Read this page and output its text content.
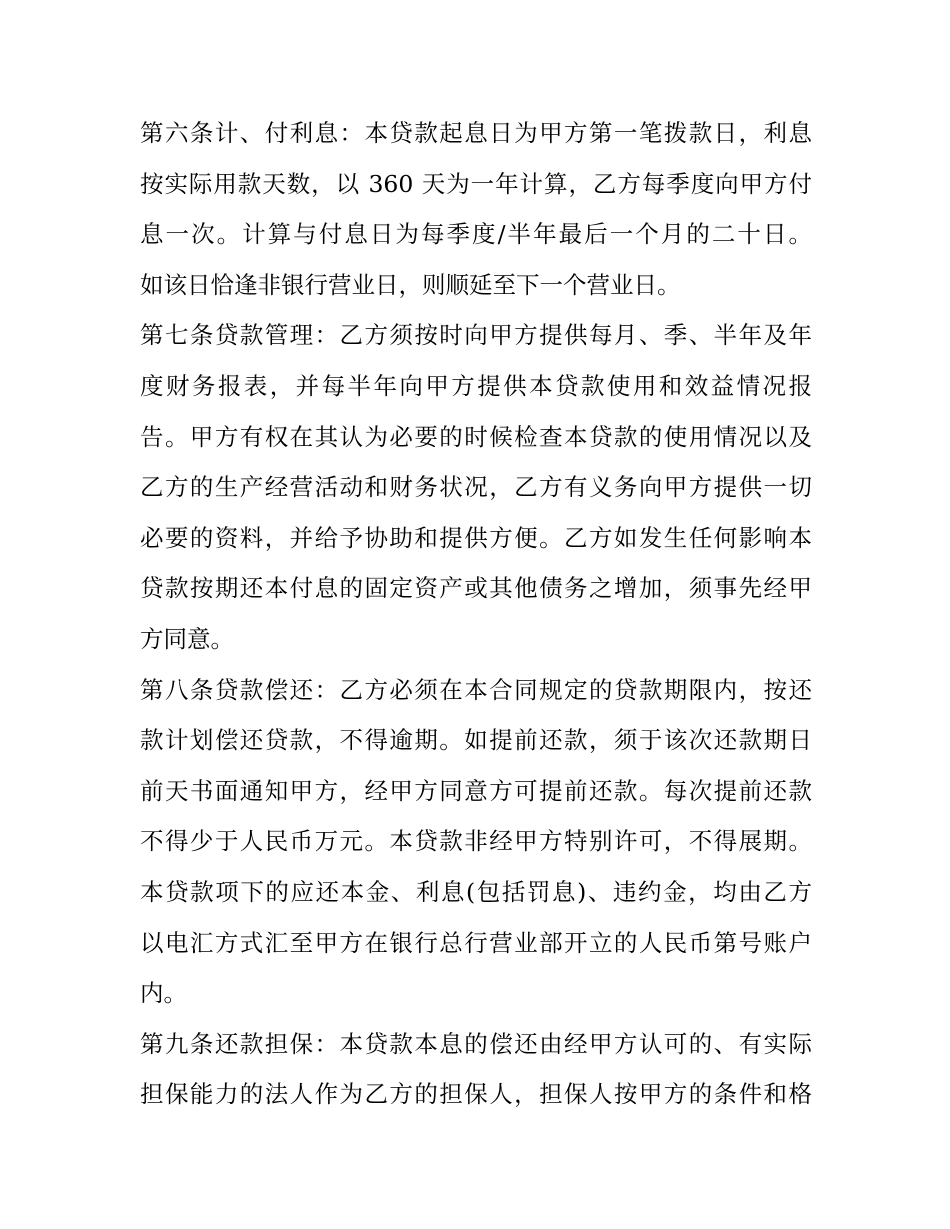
第六条计、付利息：本贷款起息日为甲方第一笔拨款日，利息
按实际用款天数，以 360 天为一年计算，乙方每季度向甲方付
息一次。计算与付息日为每季度/半年最后一个月的二十日。
如该日恰逢非银行营业日，则顺延至下一个营业日。
第七条贷款管理：乙方须按时向甲方提供每月、季、半年及年
度财务报表，并每半年向甲方提供本贷款使用和效益情况报
告。甲方有权在其认为必要的时候检查本贷款的使用情况以及
乙方的生产经营活动和财务状况，乙方有义务向甲方提供一切
必要的资料，并给予协助和提供方便。乙方如发生任何影响本
贷款按期还本付息的固定资产或其他债务之增加，须事先经甲
方同意。
第八条贷款偿还：乙方必须在本合同规定的贷款期限内，按还
款计划偿还贷款，不得逾期。如提前还款，须于该次还款期日
前天书面通知甲方，经甲方同意方可提前还款。每次提前还款
不得少于人民币万元。本贷款非经甲方特别许可，不得展期。
本贷款项下的应还本金、利息(包括罚息)、违约金，均由乙方
以电汇方式汇至甲方在银行总行营业部开立的人民币第号账户
内。
第九条还款担保：本贷款本息的偿还由经甲方认可的、有实际
担保能力的法人作为乙方的担保人，担保人按甲方的条件和格
